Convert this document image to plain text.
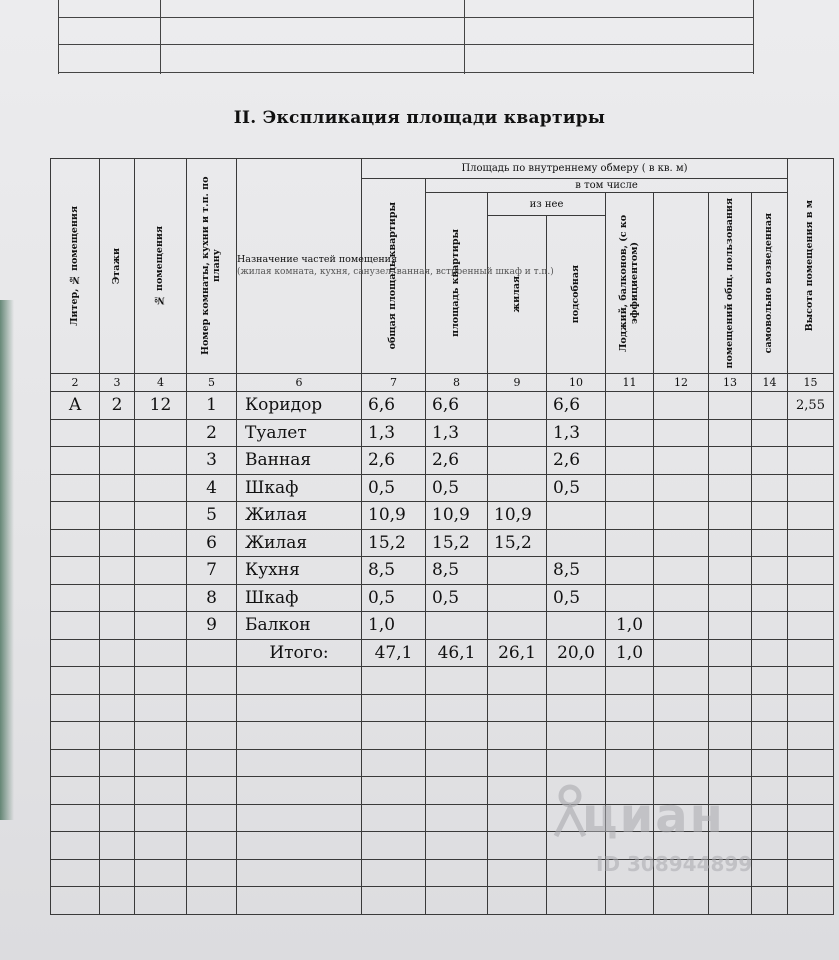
II. Экспликация площади квартиры
Литер, № помещения	Этажи	№ помещения	Номер комнаты, кухни и т.п. по плану	Назначение частей помещения
(жилая комната, кухня, санузел, ванная, встроенный шкаф и т.п.)	Площадь по внутреннему обмеру ( в кв. м)								Высота помещения в м

					общая площадь квартиры	в том числе							

						площадь квартиры	из нее		Лоджий, балконов, (с ко эффициентом)		помещений общ. пользования	самовольно возведенная	

							жилая	подсобная					

2	3	4	5	6	7	8	9	10	11	12	13	14	15
А	2	12	1	Коридор	6,6	6,6		6,6					2,55
			2	Туалет	1,3	1,3		1,3					
			3	Ванная	2,6	2,6		2,6					
			4	Шкаф	0,5	0,5		0,5					
			5	Жилая	10,9	10,9	10,9						
			6	Жилая	15,2	15,2	15,2						
			7	Кухня	8,5	8,5		8,5					
			8	Шкаф	0,5	0,5		0,5					
			9	Балкон	1,0				1,0				
				Итого:	47,1	46,1	26,1	20,0	1,0				

циан
ID 308944899
